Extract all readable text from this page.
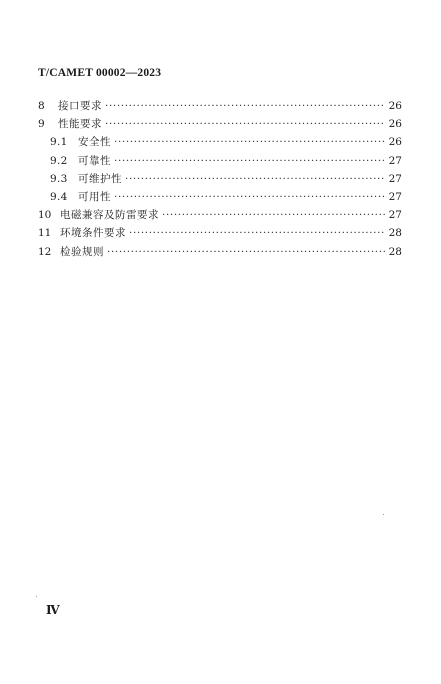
T/CAMET 00002—2023
8	接口要求 ·····	26
9	性能要求 ·····	26
9.1 安全性 ·····	26
9.2 可靠性 ·····	27
9.3 可维护性 ·····	27
9.4 可用性 ·····	27
10 电磁兼容及防雷要求 ·····	27
11 环境条件要求 ·····	28
12 检验规则 ·····	28
Ⅳ
